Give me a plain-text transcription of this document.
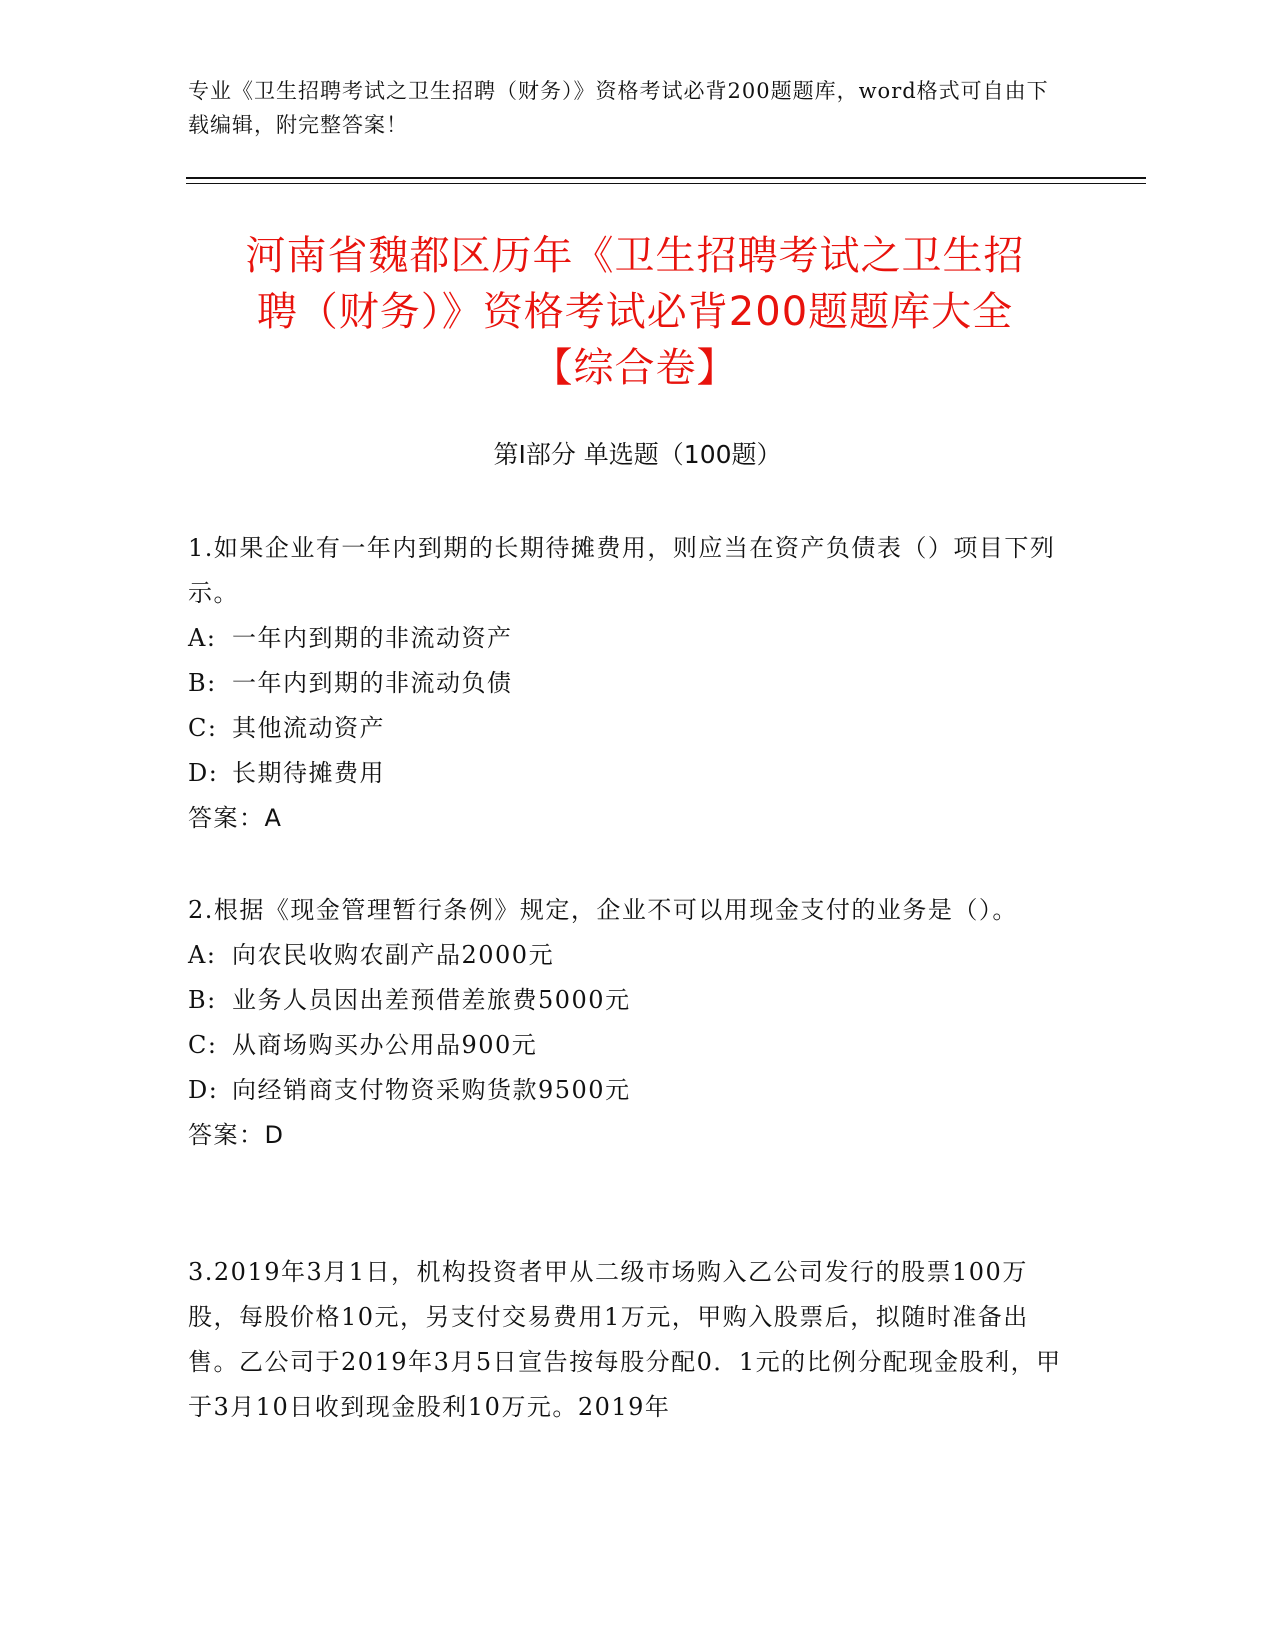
专业《卫生招聘考试之卫生招聘（财务）》资格考试必背200题题库，word格式可自由下载编辑，附完整答案！
河南省魏都区历年《卫生招聘考试之卫生招
聘（财务）》资格考试必背200题题库大全
【综合卷】
第Ⅰ部分 单选题（100题）

1.如果企业有一年内到期的长期待摊费用，则应当在资产负债表（）项目下列示。

A: 一年内到期的非流动资产

B: 一年内到期的非流动负债

C: 其他流动资产

D: 长期待摊费用

答案：A

2.根据《现金管理暂行条例》规定，企业不可以用现金支付的业务是（）。

A: 向农民收购农副产品2000元

B: 业务人员因出差预借差旅费5000元

C: 从商场购买办公用品900元

D: 向经销商支付物资采购货款9500元

答案：D

3.2019年3月1日，机构投资者甲从二级市场购入乙公司发行的股票100万股，每股价格10元，另支付交易费用1万元，甲购入股票后，拟随时准备出售。乙公司于2019年3月5日宣告按每股分配0．1元的比例分配现金股利，甲于3月10日收到现金股利10万元。2019年
